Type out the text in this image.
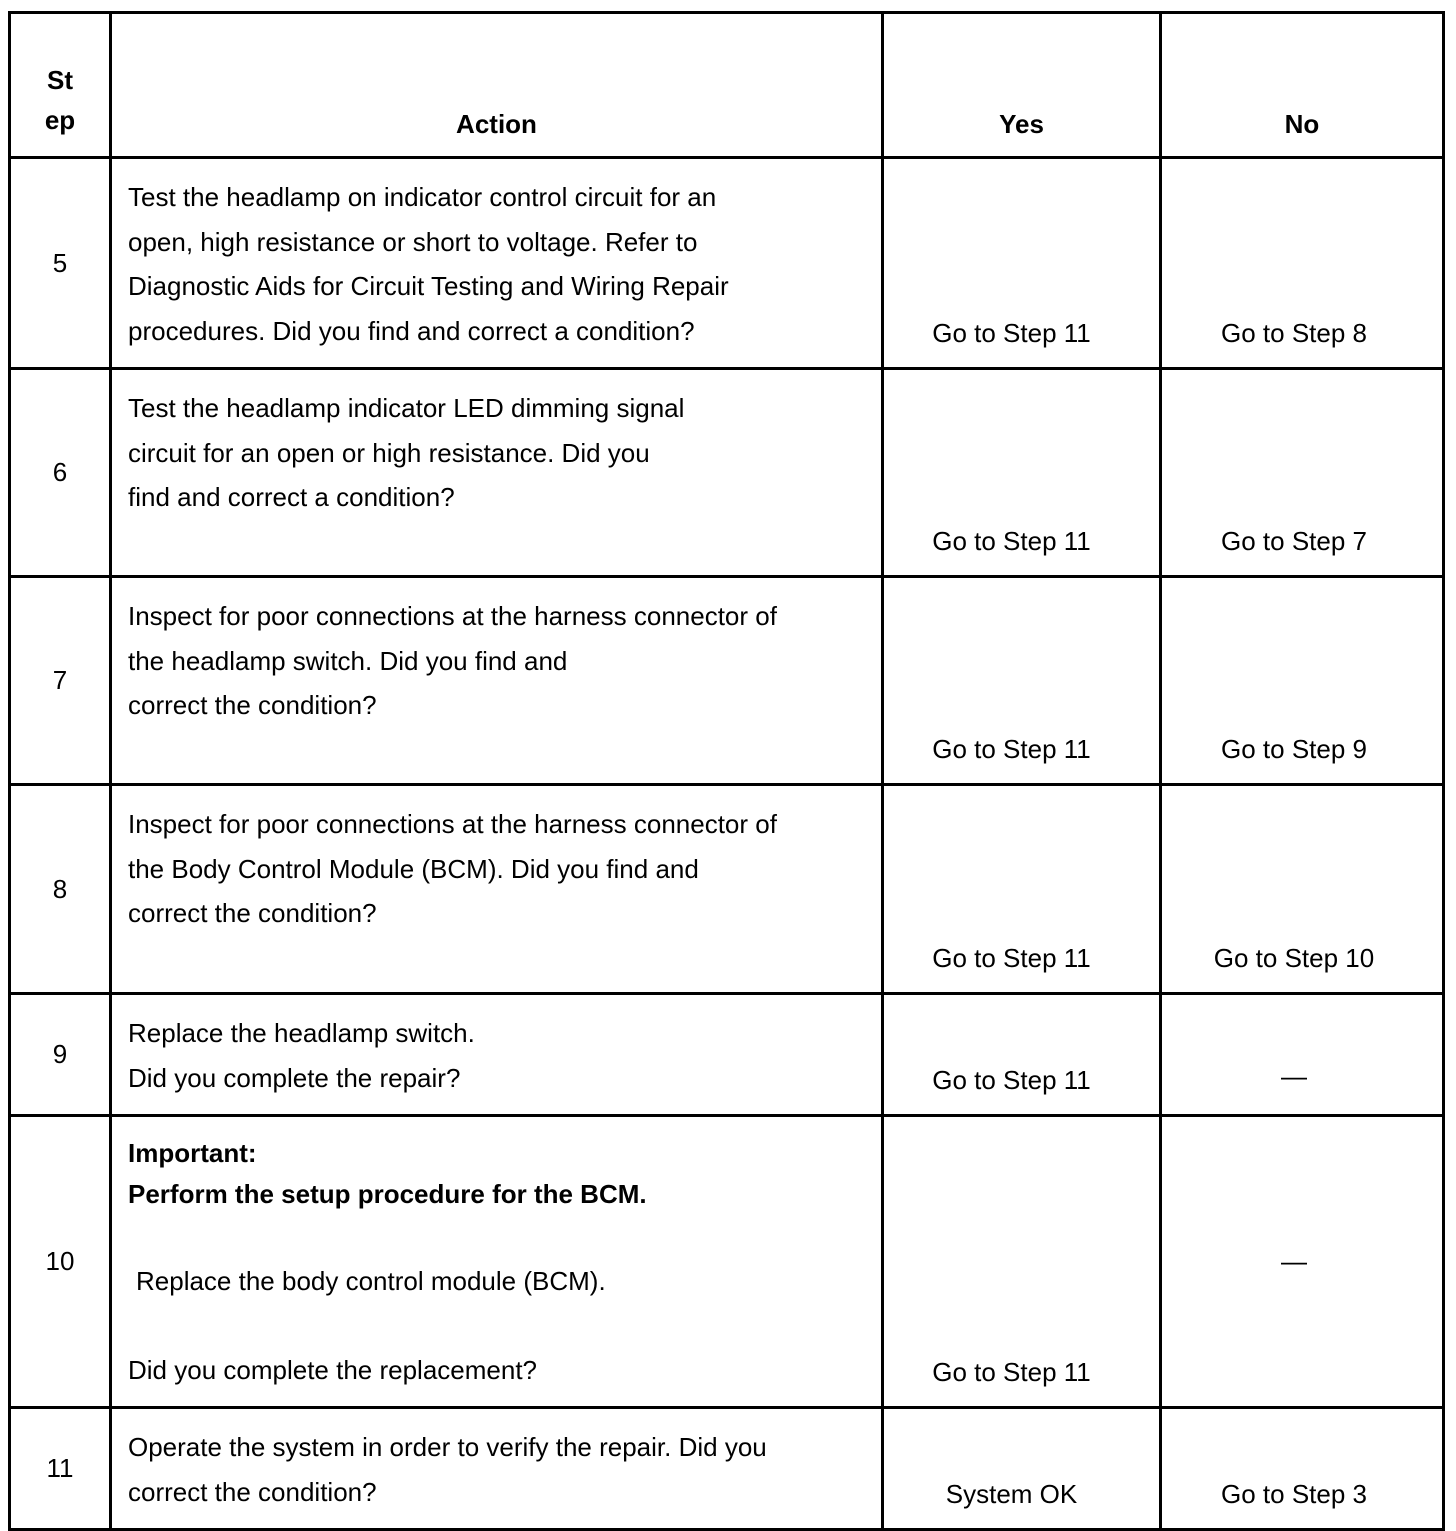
St
ep	Action	Yes	No
5	Test the headlamp on indicator control circuit for an
open, high resistance or short to voltage. Refer to
Diagnostic Aids for Circuit Testing and Wiring Repair
procedures. Did you find and correct a condition?	Go to Step 11	Go to Step 8
6	Test the headlamp indicator LED dimming signal
circuit for an open or high resistance. Did you
find and correct a condition?	Go to Step 11	Go to Step 7
7	Inspect for poor connections at the harness connector of
the headlamp switch. Did you find and
correct the condition?	Go to Step 11	Go to Step 9
8	Inspect for poor connections at the harness connector of
the Body Control Module (BCM). Did you find and
correct the condition?	Go to Step 11	Go to Step 10
9	Replace the headlamp switch.
Did you complete the repair?	Go to Step 11	—
10	Important:
Perform the setup procedure for the BCM.
Replace the body control module (BCM).
Did you complete the replacement?	Go to Step 11	—
11	Operate the system in order to verify the repair. Did you
correct the condition?	System OK	Go to Step 3
